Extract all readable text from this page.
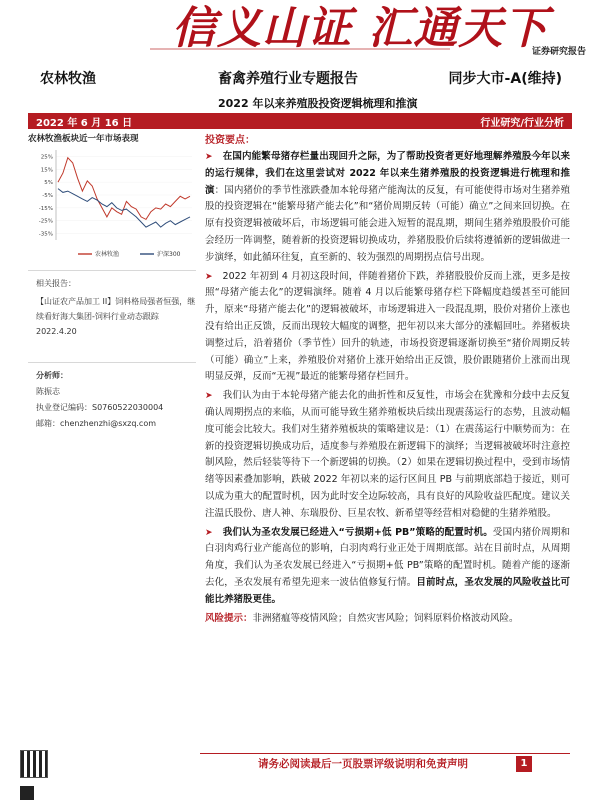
信义山证 汇通天下
证券研究报告
农林牧渔	畜禽养殖行业专题报告	同步大市-A(维持)
2022 年以来养殖股投资逻辑梳理和推演
2022 年 6 月 16 日	行业研究/行业分析
农林牧渔板块近一年市场表现
25%
15%
5%
-5%
-15%
-25%
-35%
农林牧渔	沪深300
相关报告：
【山证农产品加工 II】饲料格局强者恒强，继续看好海大集团-饲料行业动态跟踪 2022.4.20
分析师：
陈振志
执业登记编码：S0760522030004
邮箱：chenzhenzhi@sxzq.com
投资要点：

➤ 在国内能繁母猪存栏量出现回升之际，为了帮助投资者更好地理解养殖股今年以来的运行规律，我们在这里尝试对 2022 年以来生猪养殖股的投资逻辑进行梳理和推演：国内猪价的季节性涨跌叠加本轮母猪产能淘汰的反复，有可能使得市场对生猪养殖股的投资逻辑在“能繁母猪产能去化”和“猪价周期反转（可能）确立”之间来回切换。在原有投资逻辑被破坏后，市场逻辑可能会进入短暂的混乱期，期间生猪养殖股股价可能会经历一阵调整，随着新的投资逻辑切换成功，养猪股股价后续将遵循新的逻辑做进一步演绎，如此循环往复，直至新的、较为强烈的周期拐点信号出现。

➤ 2022 年初到 4 月初这段时间，伴随着猪价下跌，养猪股股价反而上涨，更多是按照“母猪产能去化”的逻辑演绎。随着 4 月以后能繁母猪存栏下降幅度趋缓甚至可能回升，原来“母猪产能去化”的逻辑被破坏，市场逻辑进入一段混乱期，股价对猪价上涨也没有给出正反馈，反而出现较大幅度的调整，把年初以来大部分的涨幅回吐。养猪板块调整过后，沿着猪价（季节性）回升的轨迹，市场投资逻辑逐渐切换至“猪价周期反转（可能）确立”上来，养殖股价对猪价上涨开始给出正反馈，股价跟随猪价上涨而出现明显反弹，反而“无视”最近的能繁母猪存栏回升。

➤ 我们认为由于本轮母猪产能去化的曲折性和反复性，市场会在犹豫和分歧中去反复确认周期拐点的来临，从而可能导致生猪养殖板块后续出现震荡运行的态势，且波动幅度可能会比较大。我们对生猪养殖板块的策略建议是：（1）在震荡运行中顺势而为：在新的投资逻辑切换成功后，适度参与养殖股在新逻辑下的演绎；当逻辑被破坏时注意控制风险，然后轻装等待下一个新逻辑的切换。（2）如果在逻辑切换过程中，受到市场情绪等因素叠加影响，跌破 2022 年初以来的运行区间且 PB 与前期底部趋于接近，则可以成为重大的配置时机，因为此时安全边际较高，具有良好的风险收益匹配度。建议关注温氏股份、唐人神、东瑞股份、巨星农牧、新希望等经营相对稳健的生猪养殖股。

➤ 我们认为圣农发展已经进入“亏损期+低 PB”策略的配置时机。受国内猪价周期和白羽肉鸡行业产能高位的影响，白羽肉鸡行业正处于周期底部。站在目前时点，从周期角度，我们认为圣农发展已经进入“亏损期+低 PB”策略的配置时机。随着产能的逐渐去化，圣农发展有希望先迎来一波估值修复行情。目前时点，圣农发展的风险收益比可能比养猪股更佳。

风险提示：非洲猪瘟等疫情风险；自然灾害风险；饲料原料价格波动风险。

请务必阅读最后一页股票评级说明和免责声明	1
